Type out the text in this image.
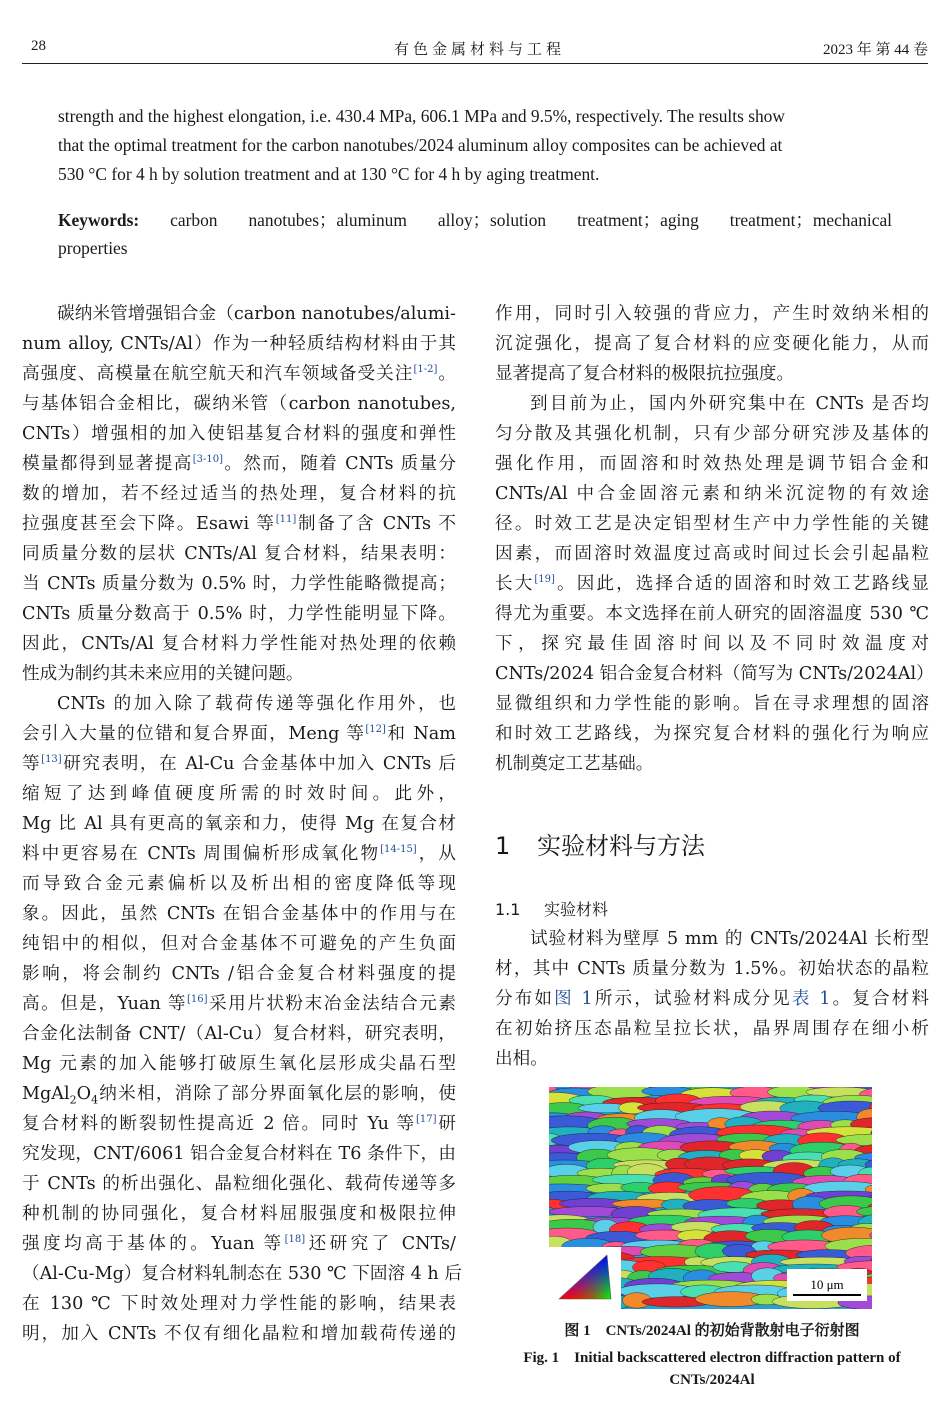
28	有色金属材料与工程	2023 年 第 44 卷
strength and the highest elongation, i.e. 430.4 MPa, 606.1 MPa and 9.5%, respectively. The results show
that the optimal treatment for the carbon nanotubes/2024 aluminum alloy composites can be achieved at
530 °C for 4 h by solution treatment and at 130 °C for 4 h by aging treatment.
Keywords: carbon nanotubes；aluminum alloy；solution treatment；aging treatment；mechanical
properties
碳纳米管增强铝合金（carbon nanotubes/alumi-
num alloy, CNTs/Al）作为一种轻质结构材料由于其
高强度、高模量在航空航天和汽车领域备受关注[1-2]。
与基体铝合金相比，碳纳米管（carbon nanotubes,
CNTs）增强相的加入使铝基复合材料的强度和弹性
模量都得到显著提高[3-10]。然而，随着 CNTs 质量分
数的增加，若不经过适当的热处理，复合材料的抗
拉强度甚至会下降。Esawi 等[11]制备了含 CNTs 不
同质量分数的层状 CNTs/Al 复合材料，结果表明：
当 CNTs 质量分数为 0.5% 时，力学性能略微提高；
CNTs 质量分数高于 0.5% 时，力学性能明显下降。
因此，CNTs/Al 复合材料力学性能对热处理的依赖
性成为制约其未来应用的关键问题。
CNTs 的加入除了载荷传递等强化作用外，也
会引入大量的位错和复合界面，Meng 等[12]和 Nam
等[13]研究表明，在 Al-Cu 合金基体中加入 CNTs 后
缩短了达到峰值硬度所需的时效时间。此外，
Mg 比 Al 具有更高的氧亲和力，使得 Mg 在复合材
料中更容易在 CNTs 周围偏析形成氧化物[14-15]，从
而导致合金元素偏析以及析出相的密度降低等现
象。因此，虽然 CNTs 在铝合金基体中的作用与在
纯铝中的相似，但对合金基体不可避免的产生负面
影响，将会制约 CNTs /铝合金复合材料强度的提
高。但是，Yuan 等[16]采用片状粉末冶金法结合元素
合金化法制备 CNT/（Al-Cu）复合材料，研究表明，
Mg 元素的加入能够打破原生氧化层形成尖晶石型
$MgAl_2O_4$纳米相，消除了部分界面氧化层的影响，使
复合材料的断裂韧性提高近 2 倍。同时 Yu 等[17]研
究发现，CNT/6061 铝合金复合材料在 T6 条件下，由
于 CNTs 的析出强化、晶粒细化强化、载荷传递等多
种机制的协同强化，复合材料屈服强度和极限拉伸
强度均高于基体的。Yuan 等[18]还研究了 CNTs/
（Al-Cu-Mg）复合材料轧制态在 530 ℃ 下固溶 4 h 后
在 130 ℃ 下时效处理对力学性能的影响，结果表
明，加入 CNTs 不仅有细化晶粒和增加载荷传递的
作用，同时引入较强的背应力，产生时效纳米相的
沉淀强化，提高了复合材料的应变硬化能力，从而
显著提高了复合材料的极限抗拉强度。
到目前为止，国内外研究集中在 CNTs 是否均
匀分散及其强化机制，只有少部分研究涉及基体的
强化作用，而固溶和时效热处理是调节铝合金和
CNTs/Al 中合金固溶元素和纳米沉淀物的有效途
径。时效工艺是决定铝型材生产中力学性能的关键
因素，而固溶时效温度过高或时间过长会引起晶粒
长大[19]。因此，选择合适的固溶和时效工艺路线显
得尤为重要。本文选择在前人研究的固溶温度 530 ℃
下，探究最佳固溶时间以及不同时效温度对
CNTs/2024 铝合金复合材料（简写为 CNTs/2024Al）
显微组织和力学性能的影响。旨在寻求理想的固溶
和时效工艺路线，为探究复合材料的强化行为响应
机制奠定工艺基础。
1 实验材料与方法
1.1 实验材料
试验材料为壁厚 5 mm 的 CNTs/2024Al 长桁型
材，其中 CNTs 质量分数为 1.5%。初始状态的晶粒
分布如图 1所示，试验材料成分见表 1。复合材料
在初始挤压态晶粒呈拉长状，晶界周围存在细小析
出相。
10 μm
图 1 CNTs/2024Al 的初始背散射电子衍射图
Fig. 1 Initial backscattered electron diffraction pattern of
CNTs/2024Al
